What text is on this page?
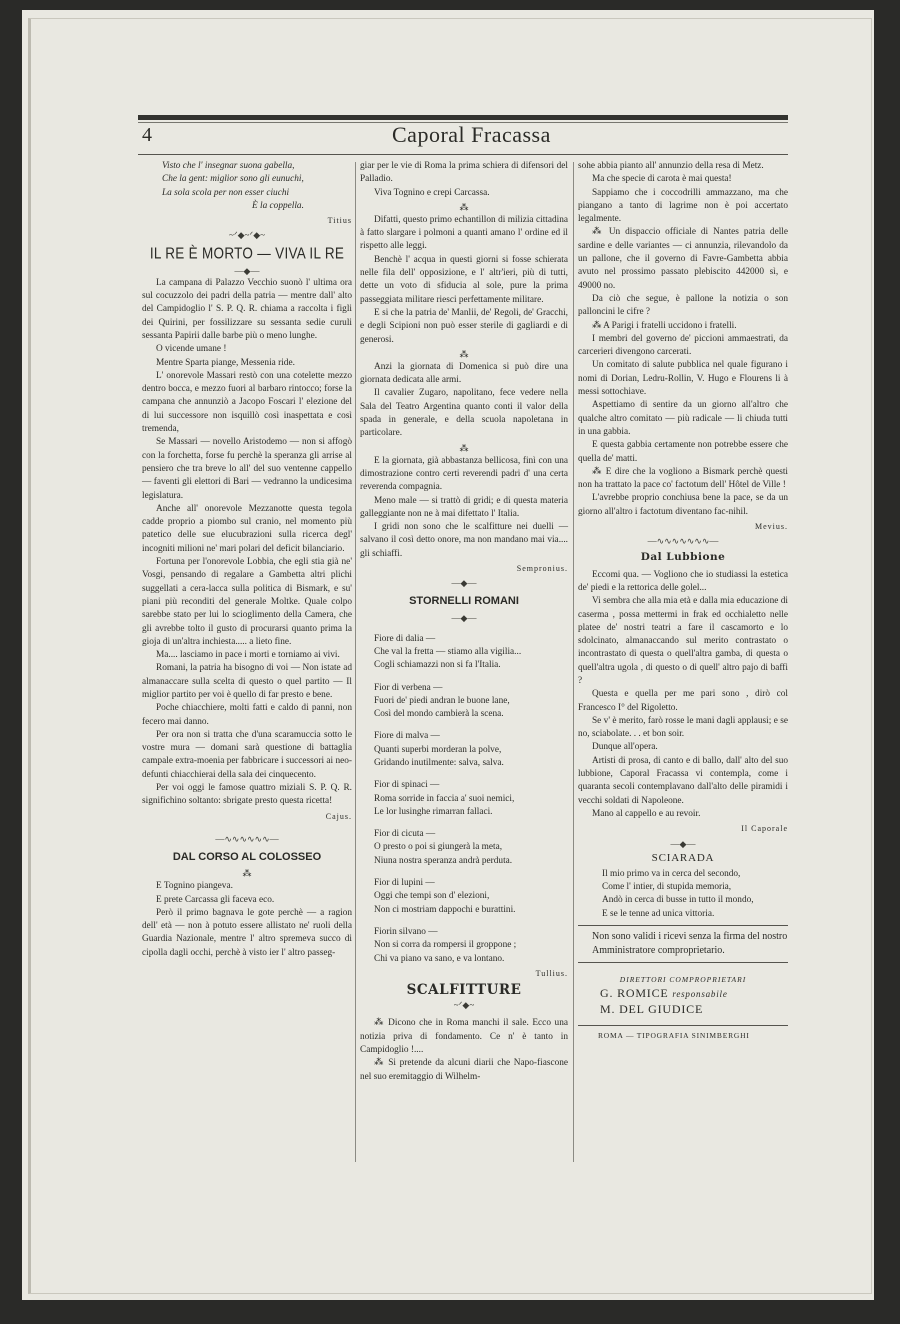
4	Caporal Fracassa
Visto che l' insegnar suona gabella,
Che la gent: miglior sono gli eunuchi,
La sola scola per non esser ciuchi
È la coppella.
Titius
~ᐟ◆~ᐟ◆~
IL RE È MORTO — VIVA IL RE
—◆—

La campana di Palazzo Vecchio suonò l' ultima ora sul cocuzzolo dei padri della patria — mentre dall' alto del Campidoglio l' S. P. Q. R. chiama a raccolta i figli dei Quirini, per fossilizzare su sessanta sedie curuli sessanta Papirii dalle barbe più o meno lunghe.

O vicende umane !

Mentre Sparta piange, Messenia ride.

L' onorevole Massari restò con una cotelette mezzo dentro bocca, e mezzo fuori al barbaro rintocco; forse la campana che annunziò a Jacopo Foscari l' elezione del di lui successore non isquillò così inaspettata e così tremenda,

Se Massari — novello Aristodemo — non si affogò con la forchetta, forse fu perchè la speranza gli arrise al pensiero che tra breve lo all' del suo ventenne cappello — faventi gli elettori di Bari — vedranno la undicesima legislatura.

Anche all' onorevole Mezzanotte questa tegola cadde proprio a piombo sul cranio, nel momento più patetico delle sue elucubrazioni sulla ricerca degl' incogniti milioni ne' mari polari del deficit bilanciario.

Fortuna per l'onorevole Lobbia, che egli stia già ne' Vosgi, pensando di regalare a Gambetta altri plichi suggellati a cera-lacca sulla politica di Bismark, e su' piani più reconditi del generale Moltke. Quale colpo sarebbe stato per lui lo scioglimento della Camera, che gli avrebbe tolto il gusto di procurarsi quanto prima la gioja di un'altra inchiesta..... a lieto fine.

Ma.... lasciamo in pace i morti e torniamo ai vivi.

Romani, la patria ha bisogno di voi — Non istate ad almanaccare sulla scelta di questo o quel partito — Il miglior partito per voi è quello di far presto e bene.

Poche chiacchiere, molti fatti e caldo di panni, non fecero mai danno.

Per ora non si tratta che d'una scaramuccia sotto le vostre mura — domani sarà questione di battaglia campale extra-moenia per fabbricare i successori ai neo-defunti chiacchierai della sala dei cinquecento.

Per voi oggi le famose quattro miziali S. P. Q. R. significhino soltanto: sbrigate presto questa ricetta!

Cajus.
—∿∿∿∿∿∿—
DAL CORSO AL COLOSSEO
⁂

E Tognino piangeva.

E prete Carcassa gli faceva eco.

Però il primo bagnava le gote perchè — a ragion dell' età — non à potuto essere allistato ne' ruoli della Guardia Nazionale, mentre l' altro spremeva succo di cipolla dagli occhi, perchè à visto ier l' altro passeg-

giar per le vie di Roma la prima schiera di difensori del Palladio.

Viva Tognino e crepi Carcassa.

⁂

Difatti, questo primo echantillon di milizia cittadina à fatto slargare i polmoni a quanti amano l' ordine ed il rispetto alle leggi.

Benchè l' acqua in questi giorni si fosse schierata nelle fila dell' opposizione, e l' altr'ieri, più di tutti, dette un voto di sfiducia al sole, pure la prima passeggiata militare riesci perfettamente militare.

E si che la patria de' Manlii, de' Regoli, de' Gracchi, e degli Scipioni non può esser sterile di gagliardi e di generosi.

⁂

Anzi la giornata di Domenica si può dire una giornata dedicata alle armi.

Il cavalier Zugaro, napolitano, fece vedere nella Sala del Teatro Argentina quanto conti il valor della spada in generale, e della scuola napoletana in particolare.

⁂

E la giornata, già abbastanza bellicosa, finì con una dimostrazione contro certi reverendi padri d' una certa reverenda compagnia.

Meno male — si trattò di gridi; e di questa materia galleggiante non ne à mai difettato l' Italia.

I gridi non sono che le scalfitture nei duelli — salvano il così detto onore, ma non mandano mai via.... gli schiaffi.

Sempronius.
—◆—
STORNELLI ROMANI
—◆—
Fiore di dalia —
Che val la fretta — stiamo alla vigilia...
Cogli schiamazzi non si fa l'Italia.
Fior di verbena —
Fuori de' piedi andran le buone lane,
Così del mondo cambierà la scena.
Fiore di malva —
Quanti superbi morderan la polve,
Gridando inutilmente: salva, salva.
Fior di spinaci —
Roma sorride in faccia a' suoi nemici,
Le lor lusinghe rimarran fallaci.
Fior di cicuta —
O presto o poi si giungerà la meta,
Niuna nostra speranza andrà perduta.
Fior di lupini —
Oggi che tempi son d' elezioni,
Non ci mostriam dappochi e burattini.
Fiorin silvano —
Non si corra da rompersi il groppone ;
Chi va piano va sano, e va lontano.
Tullius.
SCALFITTURE
~ᐟ◆~

⁂ Dicono che in Roma manchi il sale. Ecco una notizia priva di fondamento. Ce n' è tanto in Campidoglio !....

⁂ Si pretende da alcuni diarii che Napo-fiascone nel suo eremitaggio di Wilhelm-

sohe abbia pianto all' annunzio della resa di Metz.

Ma che specie di carota è mai questa!

Sappiamo che i coccodrilli ammazzano, ma che piangano a tanto di lagrime non è poi accertato legalmente.

⁂ Un dispaccio officiale di Nantes patria delle sardine e delle variantes — ci annunzia, rilevandolo da un pallone, che il governo di Favre-Gambetta abbia avuto nel prossimo passato plebiscito 442000 sì, e 49000 no.

Da ciò che segue, è pallone la notizia o son palloncini le cifre ?

⁂ A Parigi i fratelli uccidono i fratelli.

I membri del governo de' piccioni ammaestrati, da carcerieri divengono carcerati.

Un comitato di salute pubblica nel quale figurano i nomi di Dorian, Ledru-Rollin, V. Hugo e Flourens li à messi sottochiave.

Aspettiamo di sentire da un giorno all'altro che qualche altro comitato — più radicale — li chiuda tutti in una gabbia.

E questa gabbia certamente non potrebbe essere che quella de' matti.

⁂ E dire che la vogliono a Bismark perchè questi non ha trattato la pace co' factotum dell' Hôtel de Ville !

L'avrebbe proprio conchiusa bene la pace, se da un giorno all'altro i factotum diventano fac-nihil.

Mevius.
—∿∿∿∿∿∿∿—
Dal Lubbione

Eccomi qua. — Vogliono che io studiassi la estetica de' piedi e la rettorica delle golel...

Vi sembra che alla mia età e dalla mia educazione di caserma , possa mettermi in frak ed occhialetto nelle platee de' nostri teatri a fare il cascamorto e lo sdolcinato, almanaccando sul merito contrastato o incontrastato di questa o quell'altra gamba, di questa o quell'altra ugola , di questo o di quell' altro pajo di baffi ?

Questa e quella per me pari sono , dirò col Francesco I° del Rigoletto.

Se v' è merito, farò rosse le mani dagli applausi; e se no, sciabolate. . . et bon soir.

Dunque all'opera.

Artisti di prosa, di canto e di ballo, dall' alto del suo lubbione, Caporal Fracassa vi contempla, come i quaranta secoli contemplavano dall'alto delle piramidi i vecchi soldati di Napoleone.

Mano al cappello e au revoir.

Il Caporale
—◆—
SCIARADA
Il mio primo va in cerca del secondo,
Come l' intier, di stupida memoria,
Andò in cerca di busse in tutto il mondo,
E se le tenne ad unica vittoria.
Non sono validi i ricevi senza la firma del nostro Amministratore comproprietario.
DIRETTORI COMPROPRIETARI
G. ROMICE responsabile
M. DEL GIUDICE
ROMA — TIPOGRAFIA SINIMBERGHI
